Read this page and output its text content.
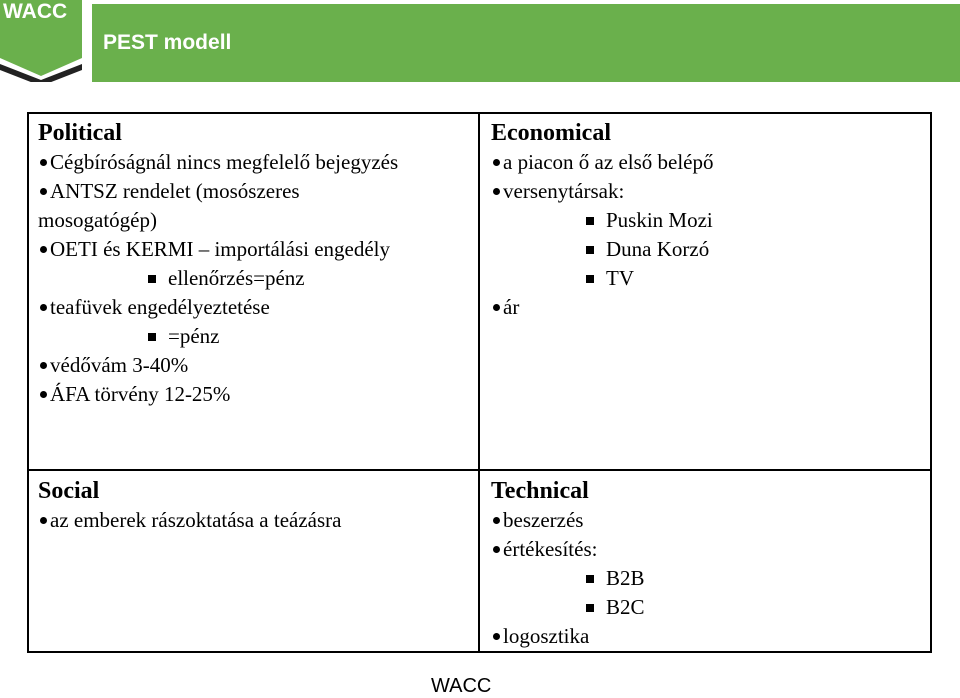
WACC
PEST modell
Political
Cégbíróságnál nincs megfelelő bejegyzés
ANTSZ rendelet (mosószeres
mosogatógép)
OETI és KERMI – importálási engedély
ellenőrzés=pénz
teafüvek engedélyeztetése
=pénz
védővám 3-40%
ÁFA törvény 12-25%
Economical
a piacon ő az első belépő
versenytársak:
Puskin Mozi
Duna Korzó
TV
ár
Social
az emberek rászoktatása a teázásra
Technical
beszerzés
értékesítés:
B2B
B2C
logosztika
WACC
